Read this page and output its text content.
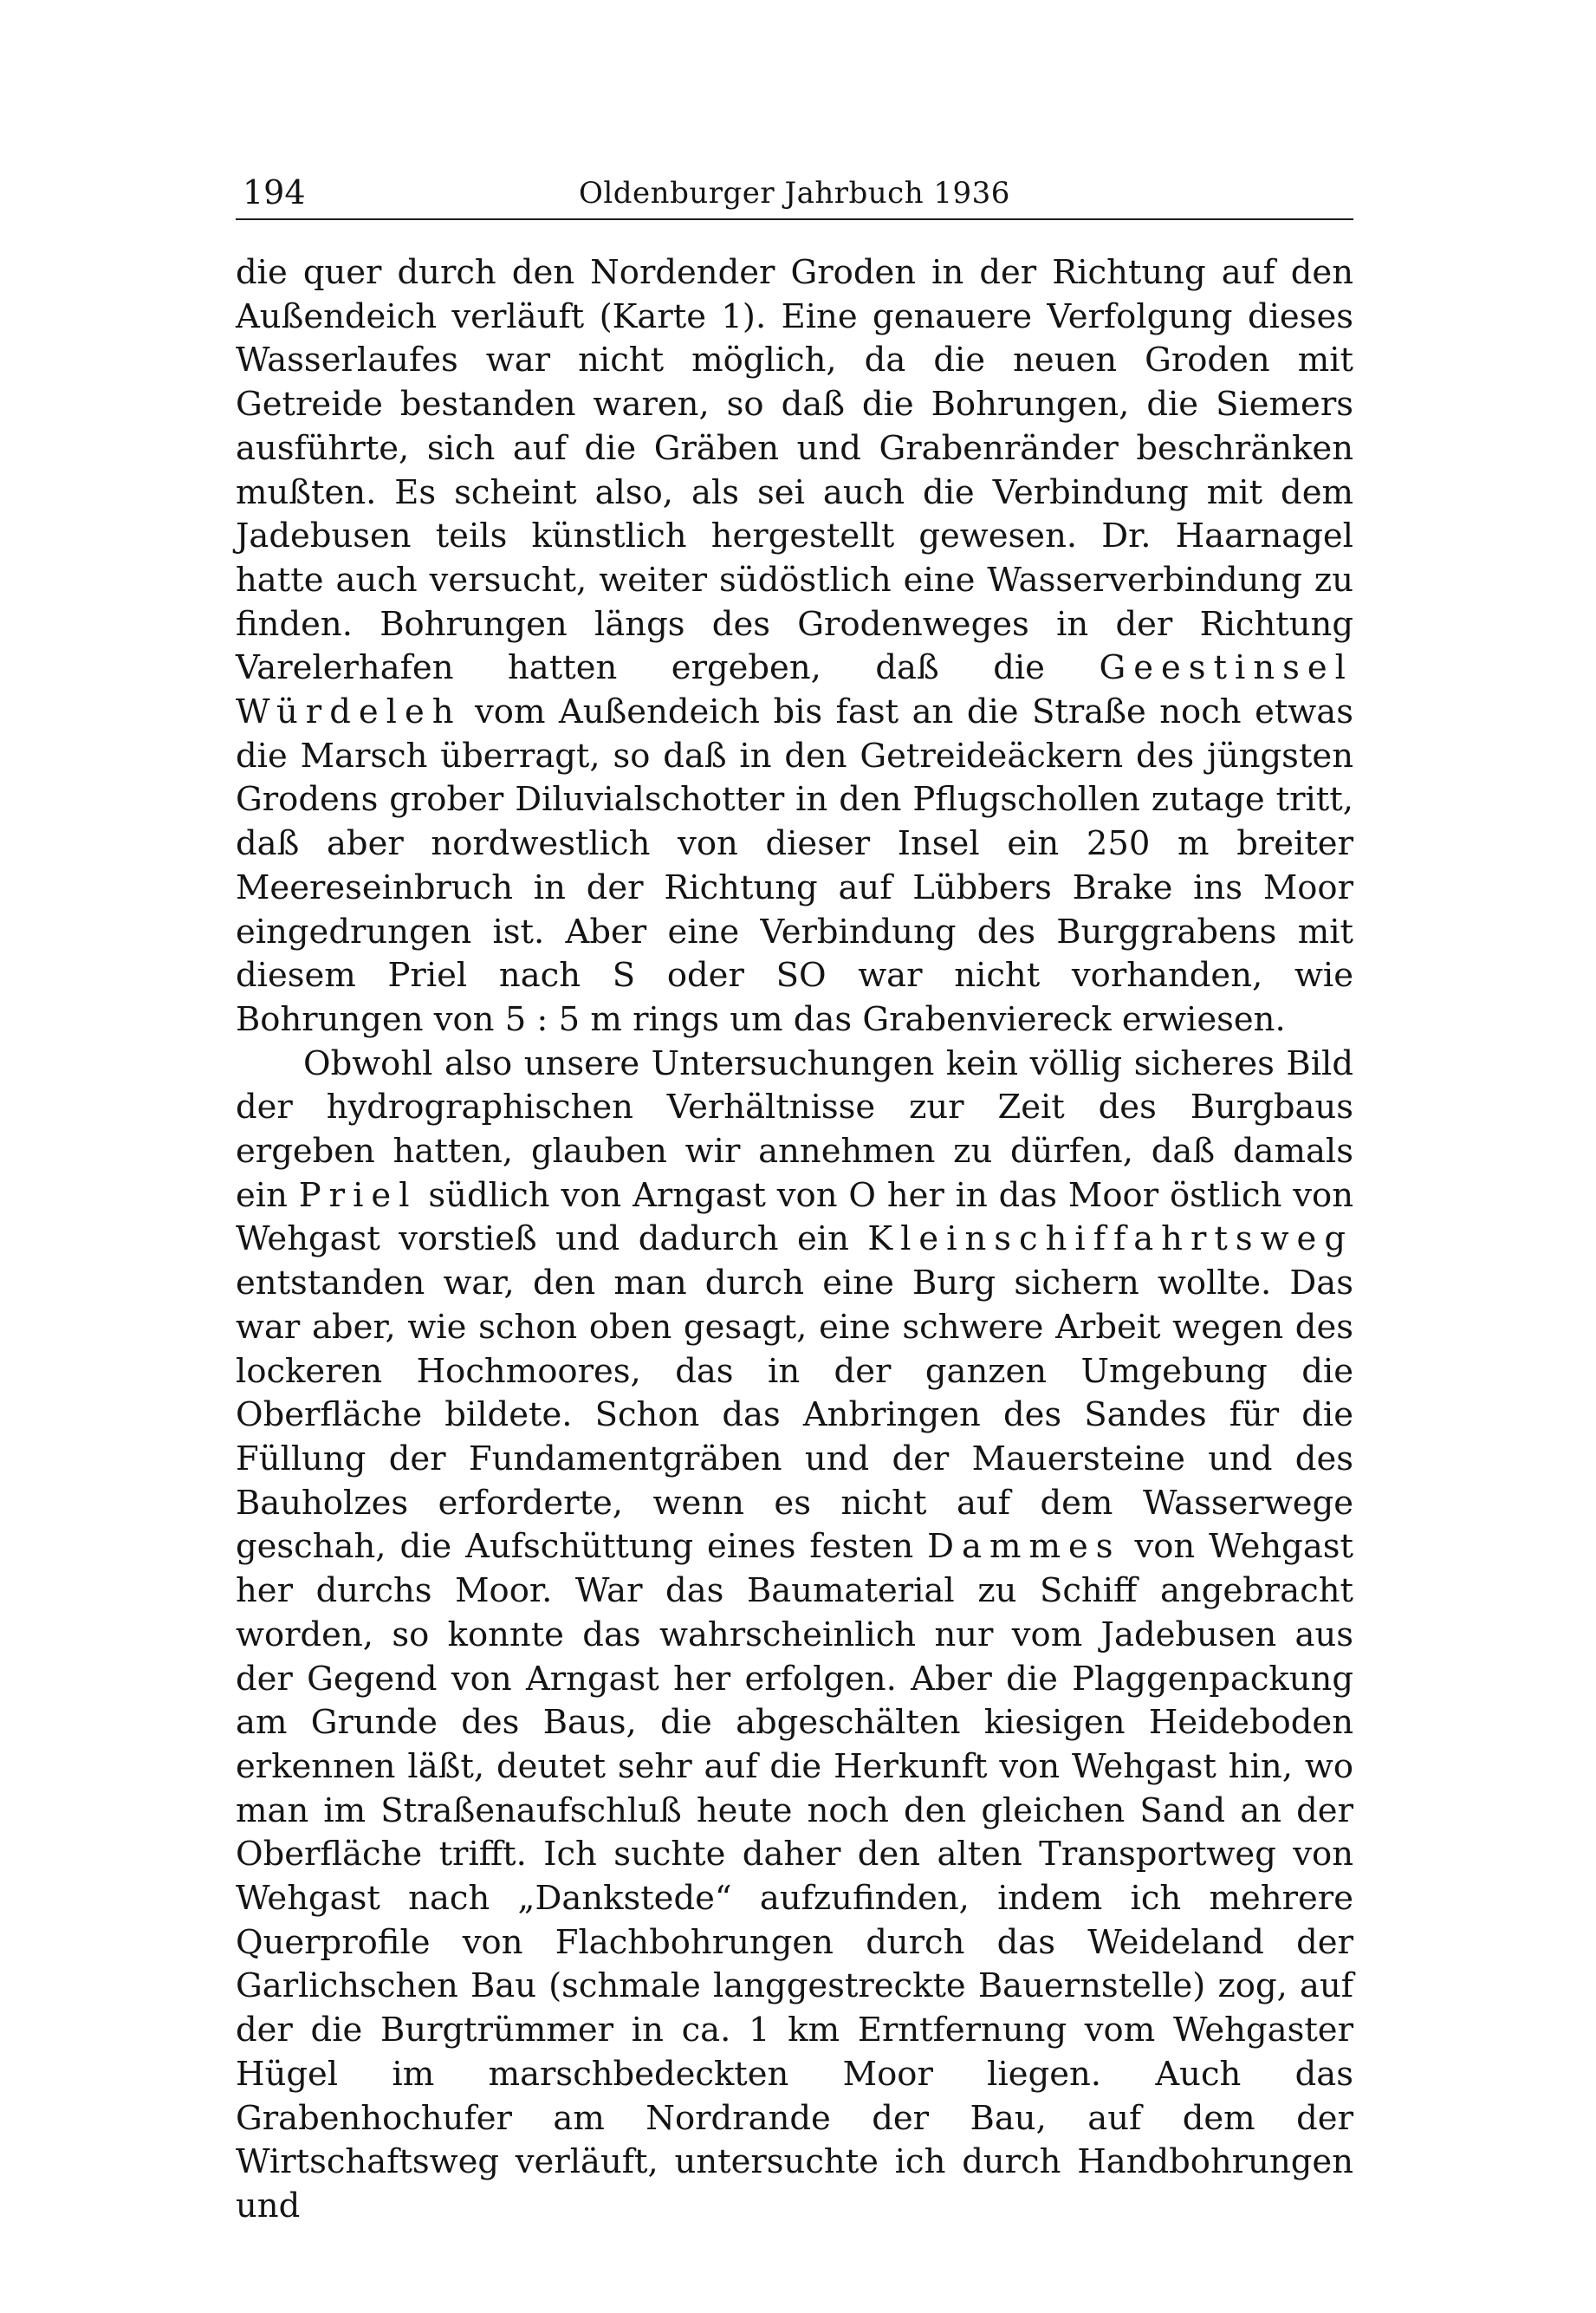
194	Oldenburger Jahrbuch 1936

die quer durch den Nordender Groden in der Richtung auf den Außendeich verläuft (Karte 1). Eine genauere Verfolgung dieses Wasserlaufes war nicht möglich, da die neuen Groden mit Getreide bestanden waren, so daß die Bohrungen, die Siemers ausführte, sich auf die Gräben und Grabenränder beschränken mußten. Es scheint also, als sei auch die Verbindung mit dem Jadebusen teils künstlich hergestellt gewesen. Dr. Haarnagel hatte auch versucht, weiter südöstlich eine Wasserverbindung zu finden. Bohrungen längs des Grodenweges in der Richtung Varelerhafen hatten ergeben, daß die Geestinsel Würdeleh vom Außendeich bis fast an die Straße noch etwas die Marsch überragt, so daß in den Getreideäckern des jüngsten Grodens grober Diluvialschotter in den Pflugschollen zutage tritt, daß aber nordwestlich von dieser Insel ein 250 m breiter Meereseinbruch in der Richtung auf Lübbers Brake ins Moor eingedrungen ist. Aber eine Verbindung des Burggrabens mit diesem Priel nach S oder SO war nicht vorhanden, wie Bohrungen von 5 : 5 m rings um das Grabenviereck erwiesen.

Obwohl also unsere Untersuchungen kein völlig sicheres Bild der hydrographischen Verhältnisse zur Zeit des Burgbaus ergeben hatten, glauben wir annehmen zu dürfen, daß damals ein Priel südlich von Arngast von O her in das Moor östlich von Wehgast vorstieß und dadurch ein Kleinschiffahrtsweg entstanden war, den man durch eine Burg sichern wollte. Das war aber, wie schon oben gesagt, eine schwere Arbeit wegen des lockeren Hochmoores, das in der ganzen Umgebung die Oberfläche bildete. Schon das Anbringen des Sandes für die Füllung der Fundamentgräben und der Mauersteine und des Bauholzes erforderte, wenn es nicht auf dem Wasserwege geschah, die Aufschüttung eines festen Dammes von Wehgast her durchs Moor. War das Baumaterial zu Schiff angebracht worden, so konnte das wahrscheinlich nur vom Jadebusen aus der Gegend von Arngast her erfolgen. Aber die Plaggenpackung am Grunde des Baus, die abgeschälten kiesigen Heideboden erkennen läßt, deutet sehr auf die Herkunft von Wehgast hin, wo man im Straßenaufschluß heute noch den gleichen Sand an der Oberfläche trifft. Ich suchte daher den alten Transportweg von Wehgast nach „Dankstede“ aufzufinden, indem ich mehrere Querprofile von Flachbohrungen durch das Weideland der Garlichschen Bau (schmale langgestreckte Bauernstelle) zog, auf der die Burgtrümmer in ca. 1 km Erntfernung vom Wehgaster Hügel im marschbedeckten Moor liegen. Auch das Grabenhochufer am Nordrande der Bau, auf dem der Wirtschaftsweg verläuft, untersuchte ich durch Handbohrungen und
